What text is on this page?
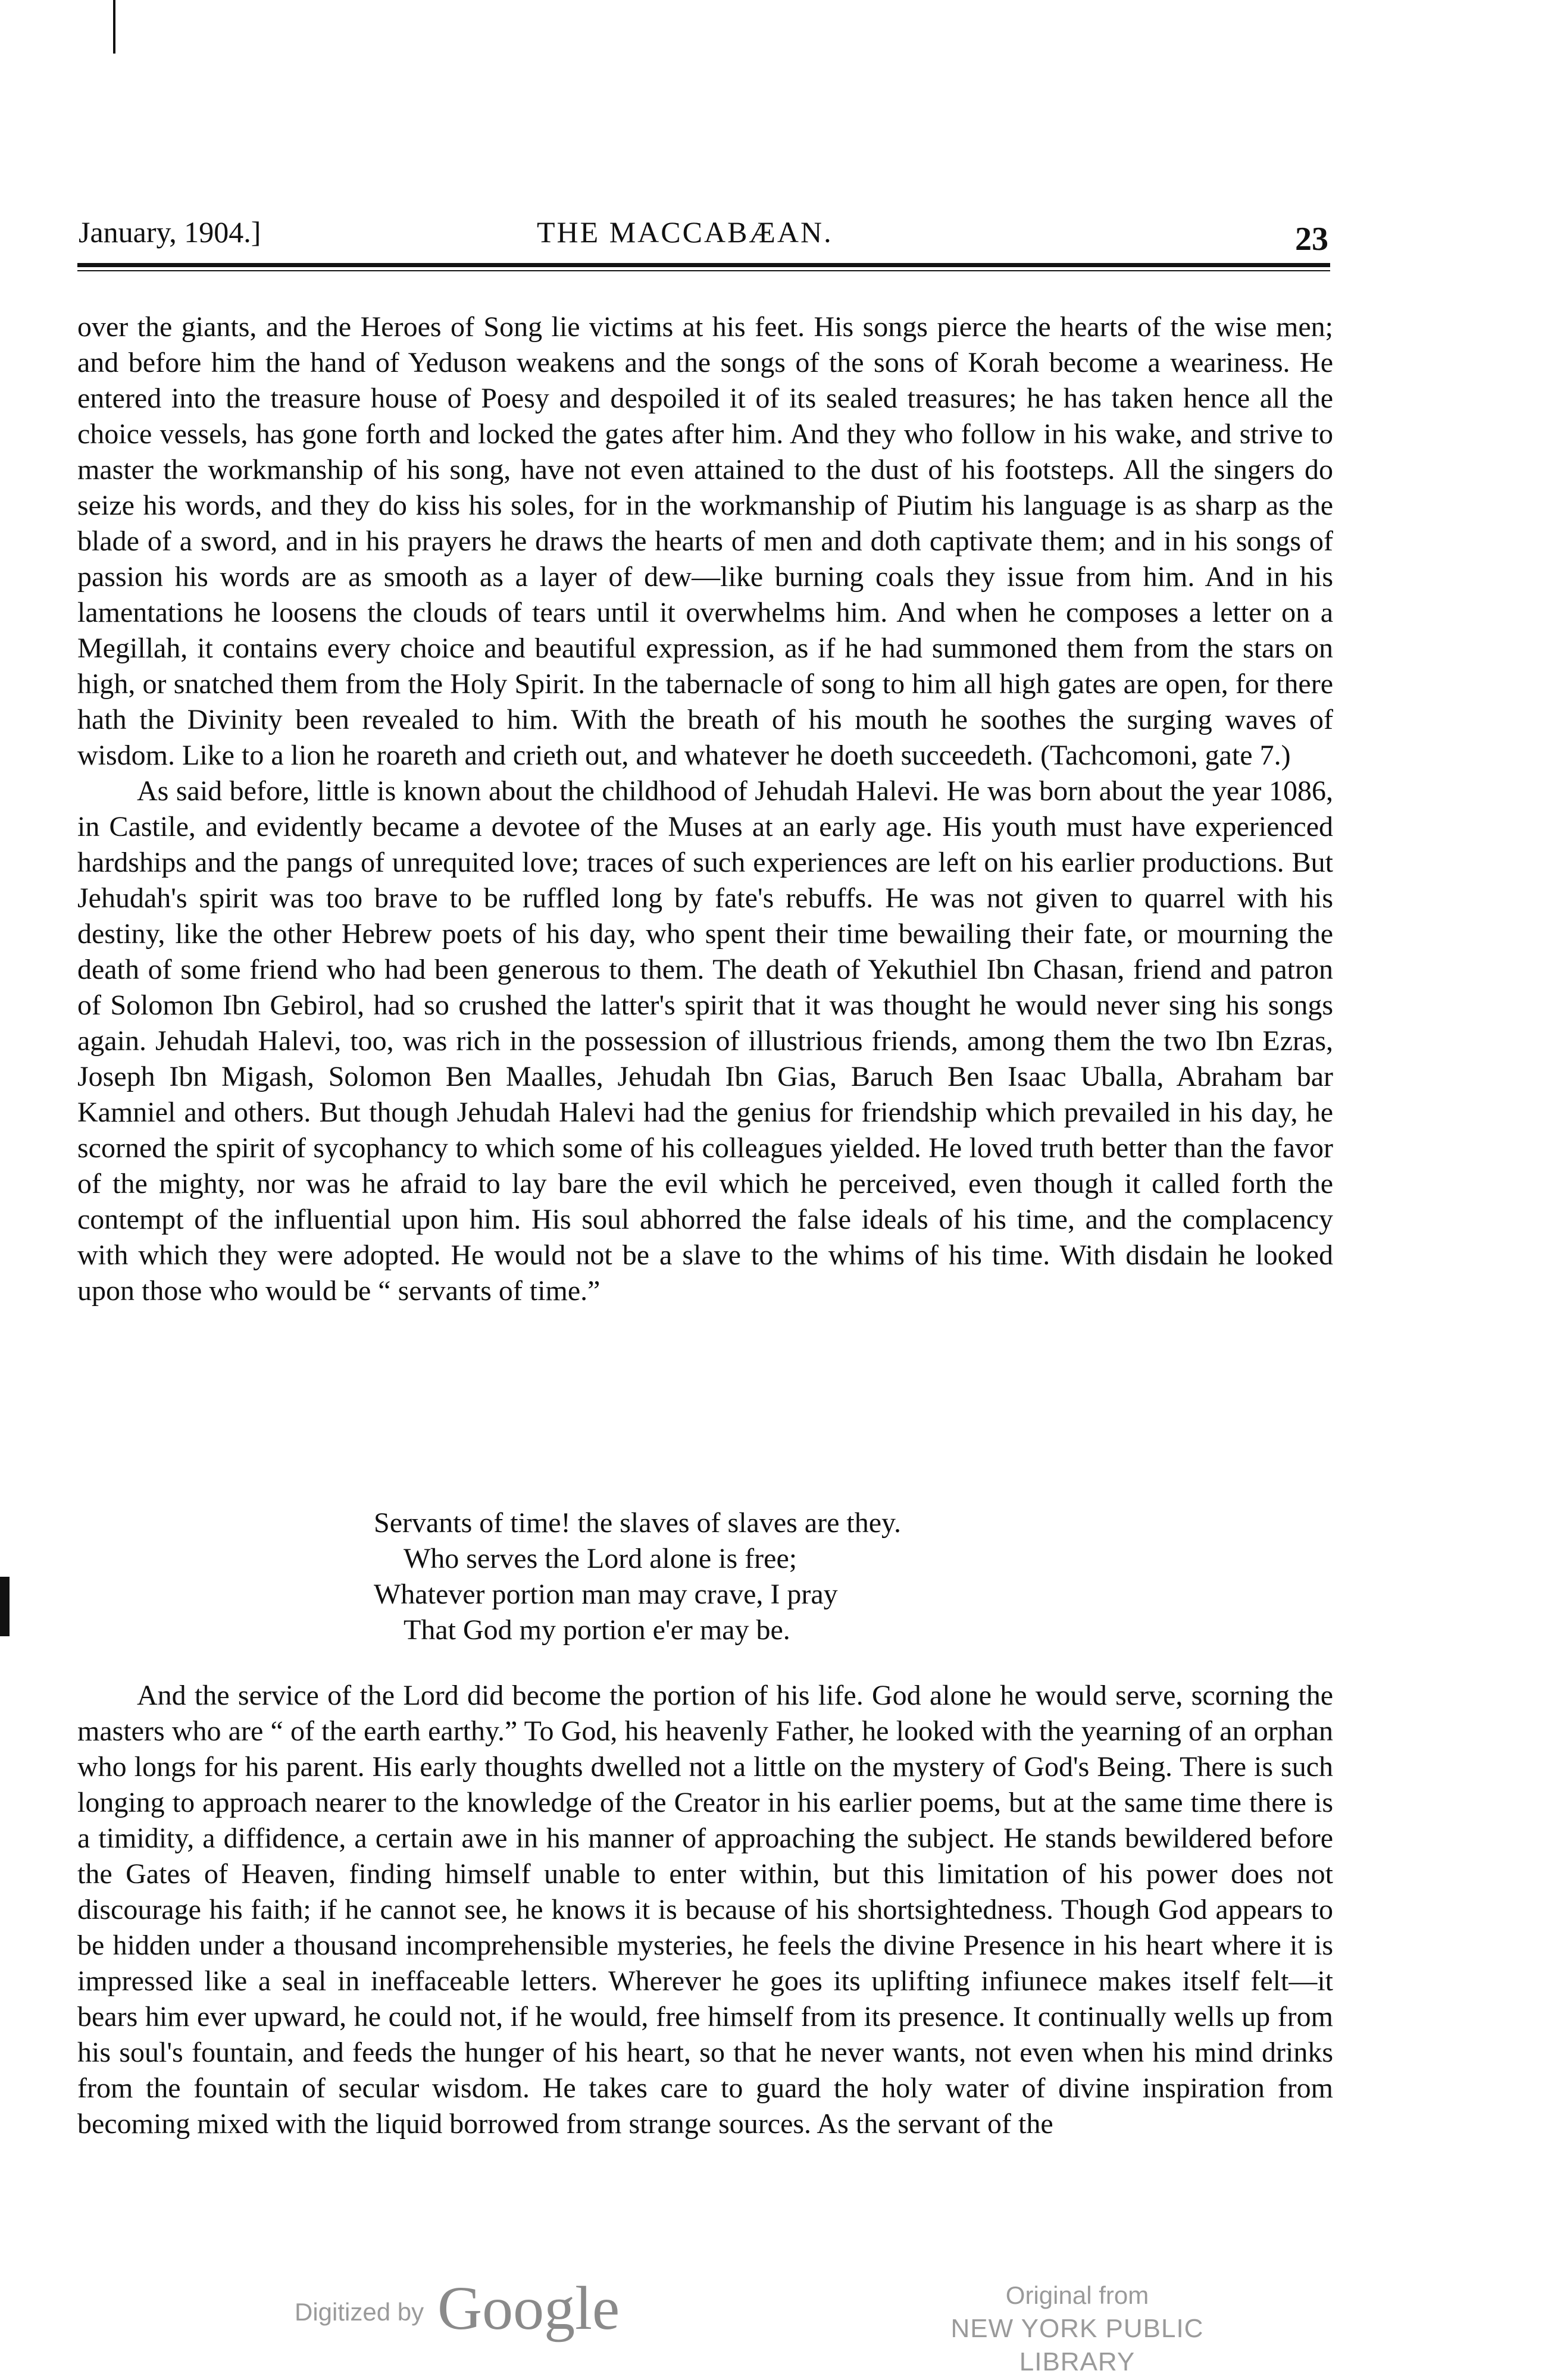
January, 1904.]	THE MACCABÆAN.	23

over the giants, and the Heroes of Song lie victims at his feet. His songs pierce the hearts of the wise men; and before him the hand of Yeduson weakens and the songs of the sons of Korah become a weariness. He entered into the treasure house of Poesy and despoiled it of its sealed treasures; he has taken hence all the choice vessels, has gone forth and locked the gates after him. And they who follow in his wake, and strive to master the workmanship of his song, have not even attained to the dust of his footsteps. All the singers do seize his words, and they do kiss his soles, for in the workmanship of Piutim his language is as sharp as the blade of a sword, and in his prayers he draws the hearts of men and doth captivate them; and in his songs of passion his words are as smooth as a layer of dew—like burning coals they issue from him. And in his lamentations he loosens the clouds of tears until it overwhelms him. And when he composes a letter on a Megillah, it contains every choice and beautiful expression, as if he had summoned them from the stars on high, or snatched them from the Holy Spirit. In the tabernacle of song to him all high gates are open, for there hath the Divinity been revealed to him. With the breath of his mouth he soothes the surging waves of wisdom. Like to a lion he roareth and crieth out, and whatever he doeth succeedeth. (Tachcomoni, gate 7.)

As said before, little is known about the childhood of Jehudah Halevi. He was born about the year 1086, in Castile, and evidently became a devotee of the Muses at an early age. His youth must have experienced hardships and the pangs of unrequited love; traces of such experiences are left on his earlier productions. But Jehudah's spirit was too brave to be ruffled long by fate's rebuffs. He was not given to quarrel with his destiny, like the other Hebrew poets of his day, who spent their time bewailing their fate, or mourning the death of some friend who had been generous to them. The death of Yekuthiel Ibn Chasan, friend and patron of Solomon Ibn Gebirol, had so crushed the latter's spirit that it was thought he would never sing his songs again. Jehudah Halevi, too, was rich in the possession of illustrious friends, among them the two Ibn Ezras, Joseph Ibn Migash, Solomon Ben Maalles, Jehudah Ibn Gias, Baruch Ben Isaac Uballa, Abraham bar Kamniel and others. But though Jehudah Halevi had the genius for friendship which prevailed in his day, he scorned the spirit of sycophancy to which some of his colleagues yielded. He loved truth better than the favor of the mighty, nor was he afraid to lay bare the evil which he perceived, even though it called forth the contempt of the influential upon him. His soul abhorred the false ideals of his time, and the complacency with which they were adopted. He would not be a slave to the whims of his time. With disdain he looked upon those who would be “ servants of time.”

Servants of time! the slaves of slaves are they.
Who serves the Lord alone is free;
Whatever portion man may crave, I pray
That God my portion e'er may be.

And the service of the Lord did become the portion of his life. God alone he would serve, scorning the masters who are “ of the earth earthy.” To God, his heavenly Father, he looked with the yearning of an orphan who longs for his parent. His early thoughts dwelled not a little on the mystery of God's Being. There is such longing to approach nearer to the knowledge of the Creator in his earlier poems, but at the same time there is a timidity, a diffidence, a certain awe in his manner of approaching the subject. He stands bewildered before the Gates of Heaven, finding himself unable to enter within, but this limitation of his power does not discourage his faith; if he cannot see, he knows it is because of his shortsightedness. Though God appears to be hidden under a thousand incomprehensible mysteries, he feels the divine Presence in his heart where it is impressed like a seal in ineffaceable letters. Wherever he goes its uplifting infiunece makes itself felt—it bears him ever upward, he could not, if he would, free himself from its presence. It continually wells up from his soul's fountain, and feeds the hunger of his heart, so that he never wants, not even when his mind drinks from the fountain of secular wisdom. He takes care to guard the holy water of divine inspiration from becoming mixed with the liquid borrowed from strange sources. As the servant of the

Digitized by Google	Original from
NEW YORK PUBLIC LIBRARY
